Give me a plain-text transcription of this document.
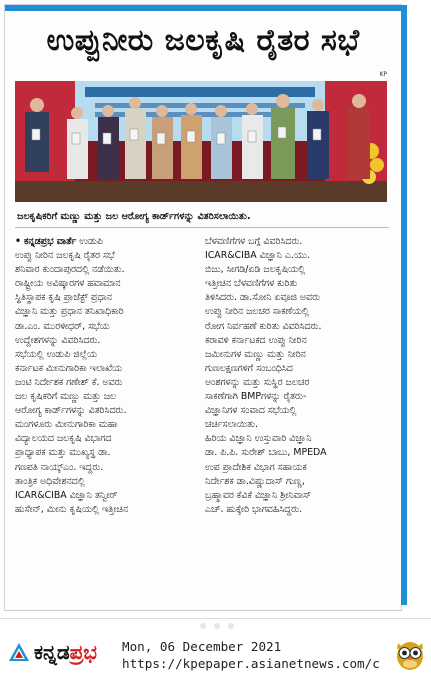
ಉಪ್ಪುನೀರು ಜಲಕೃಷಿ ರೈತರ ಸಭೆ
KP
ಜಲಕೃಷಿಕರಿಗೆ ಮಣ್ಣು ಮತ್ತು ಜಲ ಆರೋಗ್ಯ ಕಾರ್ಡ್‌ಗಳನ್ನು ವಿತರಿಸಲಾಯಿತು.

• ಕನ್ನಡಪ್ರಭ ವಾರ್ತೆ ಉಡುಪಿ

ಉಪ್ಪು ನೀರಿನ ಜಲಕೃಷಿ ರೈತರ ಸಭೆ
ಶನಿವಾರ ಕುಂದಾಪುರದಲ್ಲಿ ನಡೆಯಿತು.
ರಾಷ್ಟ್ರೀಯ ಅವಿಷ್ಕಾರಗಳ ಹವಾಮಾನ
ಸ್ಥಿತಿಸ್ಥಾಪಕ ಕೃಷಿ ಪ್ರಾಜೆಕ್ಟ್ ಪ್ರಧಾನ
ವಿಜ್ಞಾನಿ ಮತ್ತು ಪ್ರಧಾನ ತನಿಖಾಧಿಕಾರಿ
ಡಾ.ಎಂ. ಮುರಳೀಧರ್, ಸಭೆಯ
ಉದ್ದೇಶಗಳನ್ನು ವಿವರಿಸಿದರು.
ಸಭೆಯಲ್ಲಿ ಉಡುಪಿ ಜಿಲ್ಲೆಯ
ಕರ್ನಾಟಕ ಮೀನುಗಾರಿಕಾ ಇಲಾಖೆಯ
ಜಂಟಿ ನಿರ್ದೇಶಕ ಗಣೇಶ್ ಕೆ. ಅವರು
ಜಲ ಕೃಷಿಕರಿಗೆ ಮಣ್ಣು ಮತ್ತು ಜಲ
ಆರೋಗ್ಯ ಕಾರ್ಡ್‌ಗಳನ್ನು ವಿತರಿಸಿದರು.
ಮಂಗಳೂರು ಮೀನುಗಾರಿಕಾ ಮಹಾ
ವಿದ್ಯಾಲಯದ ಜಲಕೃಷಿ ವಿಭಾಗದ
ಪ್ರಾಧ್ಯಾಪಕ ಮತ್ತು ಮುಖ್ಯಸ್ಥ ಡಾ.
ಗಣಪತಿ ನಾಯ್ಕ್ಎಂ. ಇದ್ದರು.
ತಾಂತ್ರಿಕ ಅಧಿವೇಶನದಲ್ಲಿ
ICAR&CIBA ವಿಜ್ಞಾನಿ ತನ್ವೀರ್
ಹುಸೇನ್, ಮೀನು ಕೃಷಿಯಲ್ಲಿ ಇತ್ತೀಚಿನ
ಬೆಳವಣಿಗೆಗಳ ಬಗ್ಗೆ ವಿವರಿಸಿದರು.
ICAR&CIBA ವಿಜ್ಞಾನಿ ಎ.ಯು.
ಬಿಜು, ಸೀಗಡಿ/ಏಡಿ ಜಲಕೃಷಿಯಲ್ಲಿ
ಇತ್ತೀಚಿನ ಬೆಳವಣಿಗೆಗಳ ಕುರಿತು
ತಿಳಿಸಿದರು. ಡಾ.ಸೋನಿ ಏವೂಜಿ ಅವರು
ಉಪ್ಪು ನೀರಿನ ಜಲಚರ ಸಾಕಣೆಯಲ್ಲಿ
ರೋಗ ನಿರ್ವಹಣೆ ಕುರಿತು ವಿವರಿಸಿದರು.
ಕರಾವಳಿ ಕರ್ನಾಟಕದ ಉಪ್ಪು ನೀರಿನ
ಜಮೀನುಗಳ ಮಣ್ಣು ಮತ್ತು ನೀರಿನ
ಗುಣಲಕ್ಷಣಗಳಿಗೆ ಸಂಬಂಧಿಸಿದ
ಅಂಶಗಳನ್ನು ಮತ್ತು ಸುಸ್ಥಿರ ಜಲಚರ
ಸಾಕಣೆಗಾಗಿ BMPಗಳನ್ನು ರೈತರು-
ವಿಜ್ಞಾನಿಗಳ ಸಂವಾದ ಸಭೆಯಲ್ಲಿ
ಚರ್ಚಿಸಲಾಯಿತು.
ಹಿರಿಯ ವಿಜ್ಞಾನಿ ಉಸ್ತುವಾರಿ ವಿಜ್ಞಾನಿ
ಡಾ. ಪಿ.ಪಿ. ಸುರೇಶ್ ಬಾಬು, MPEDA
ಉಪ ಪ್ರಾದೇಶಿಕ ವಿಭಾಗ ಸಹಾಯಕ
ನಿರ್ದೇಶಕ ಡಾ.ವಿಷ್ಣುದಾಸ್ ಗುಣ್ಣ,
ಬ್ರಹ್ಮಾವರ ಕೆವಿಕೆ ವಿಜ್ಞಾನಿ ಶ್ರೀನಿವಾಸ್
ಎಚ್. ಹುಕ್ಕೇರಿ ಭಾಗವಹಿಸಿದ್ದರು.
ಕನ್ನಡಪ್ರಭ Mon, 06 December 2021
https://kpepaper.asianetnews.com/c
